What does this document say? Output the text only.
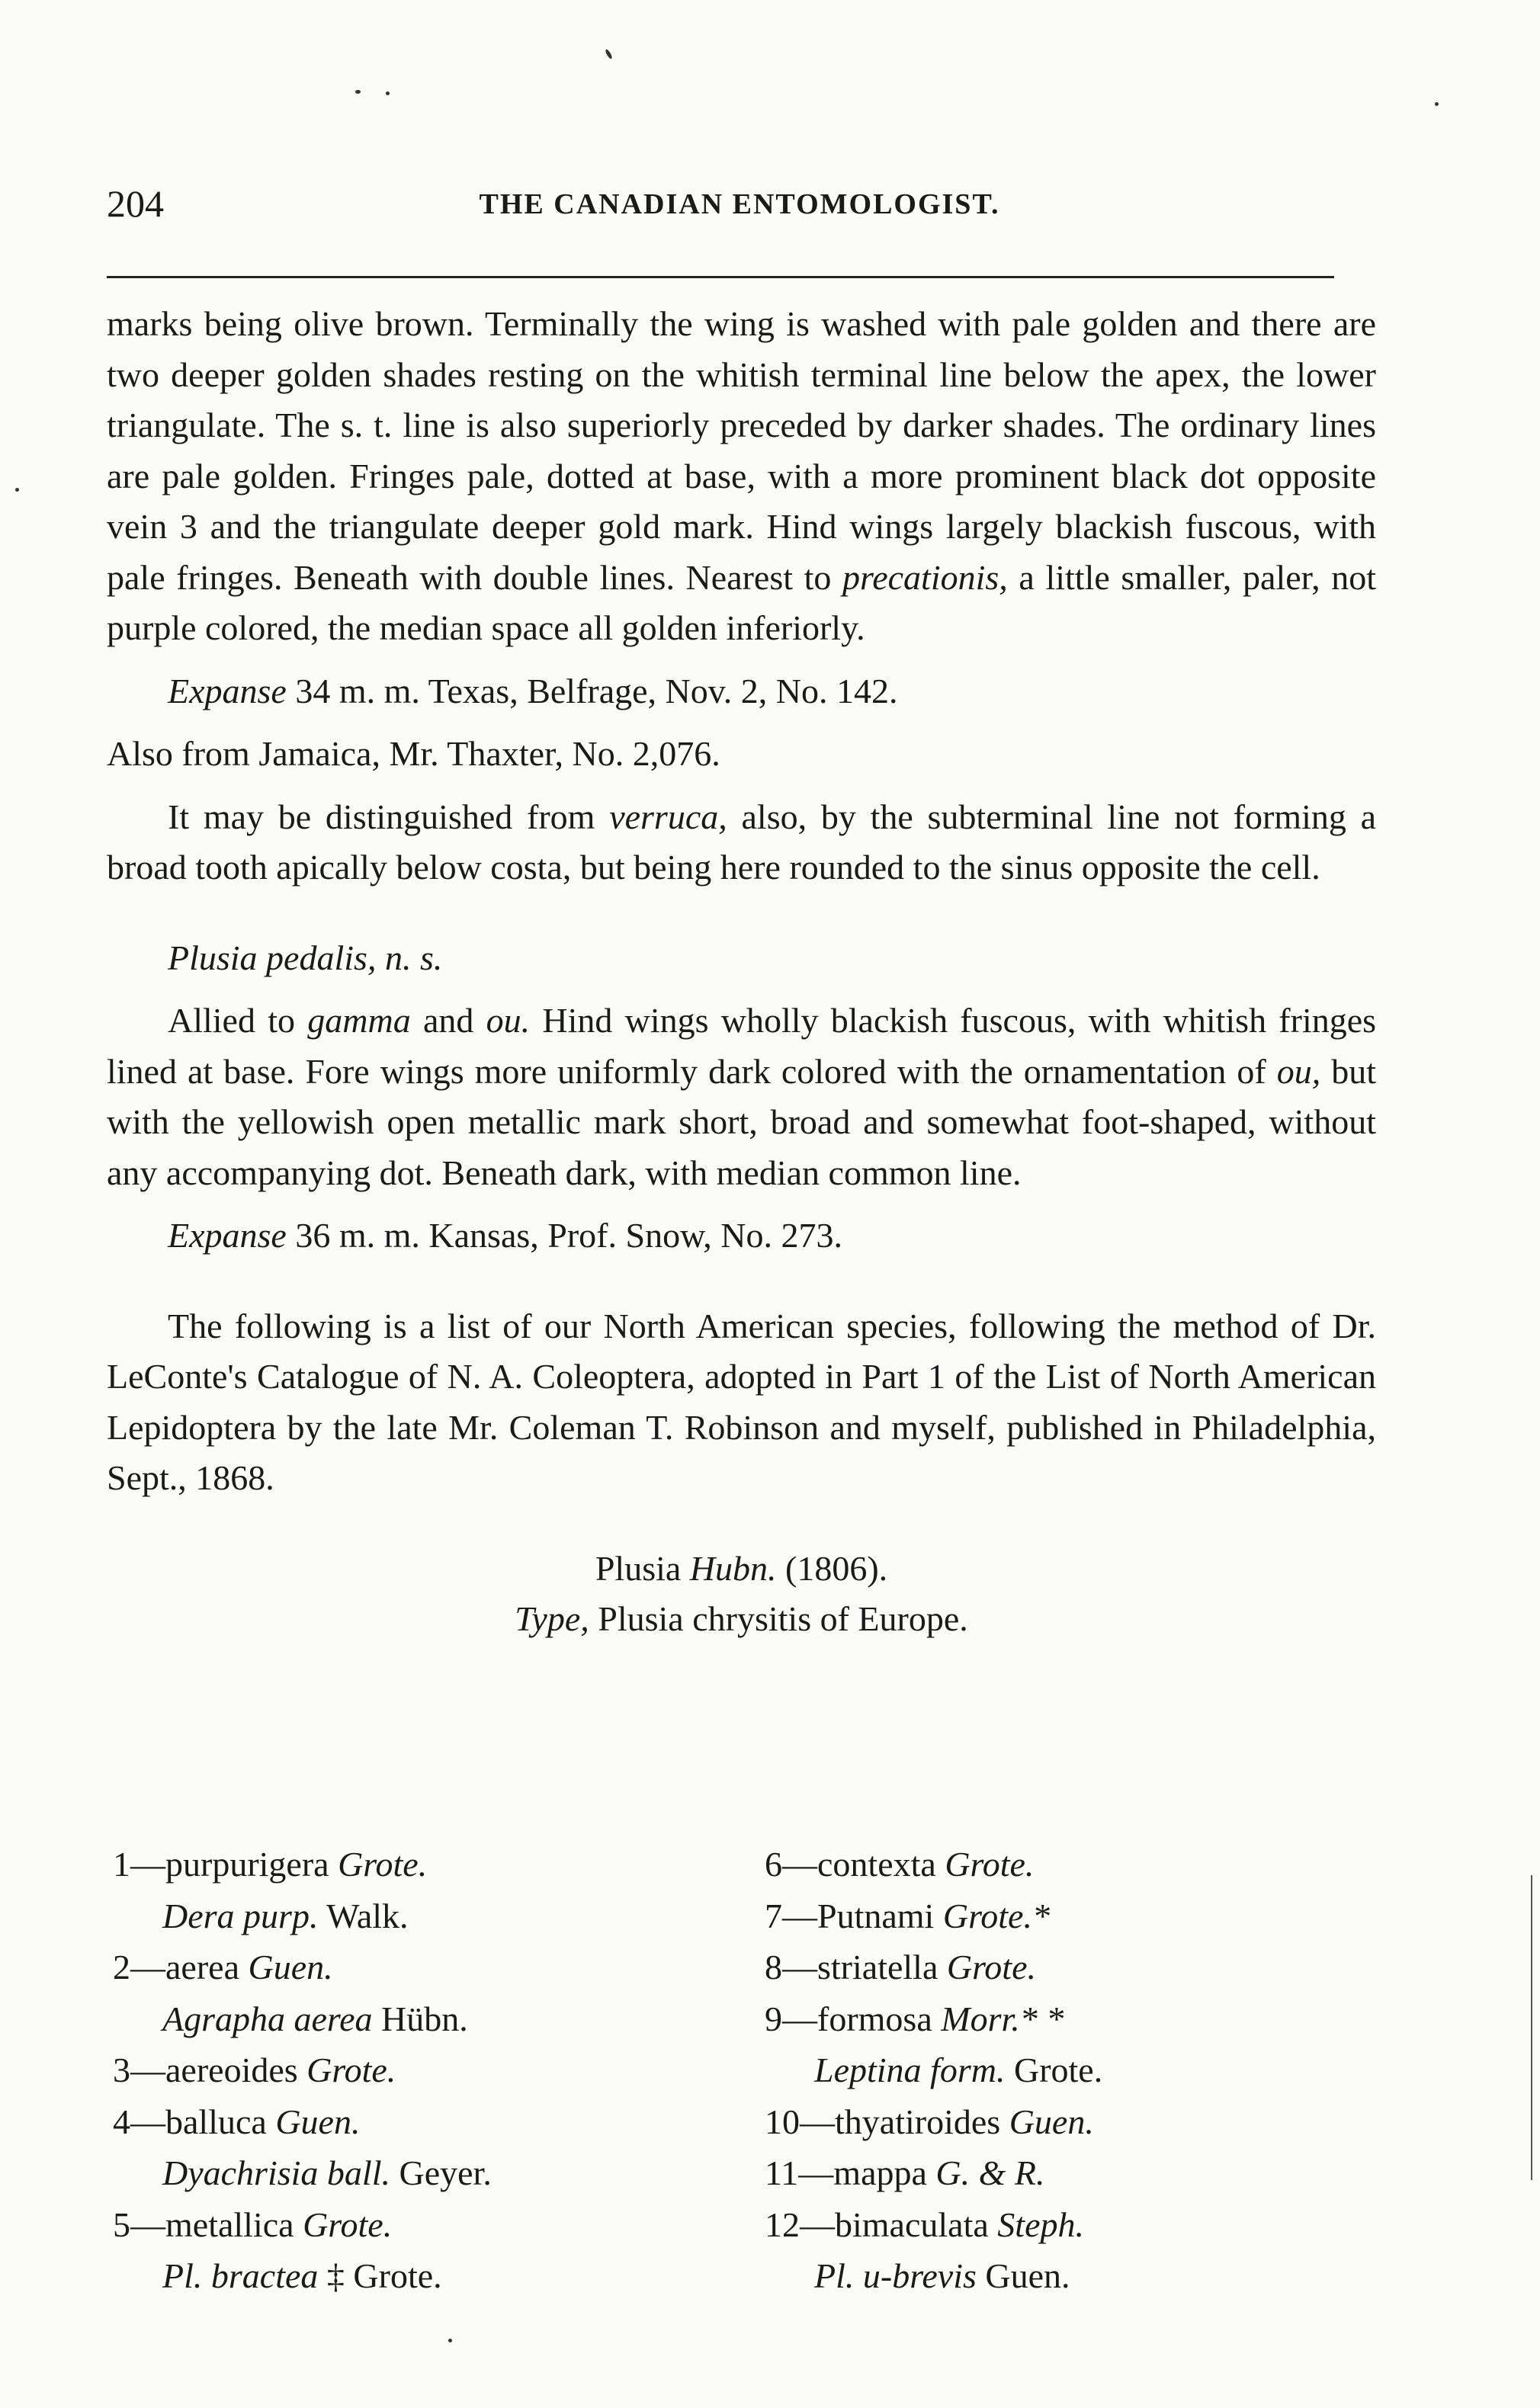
204	THE CANADIAN ENTOMOLOGIST.

marks being olive brown. Terminally the wing is washed with pale golden and there are two deeper golden shades resting on the whitish terminal line below the apex, the lower triangulate. The s. t. line is also superiorly preceded by darker shades. The ordinary lines are pale golden. Fringes pale, dotted at base, with a more prominent black dot opposite vein 3 and the triangulate deeper gold mark. Hind wings largely blackish fuscous, with pale fringes. Beneath with double lines. Nearest to precationis, a little smaller, paler, not purple colored, the median space all golden inferiorly.

Expanse 34 m. m. Texas, Belfrage, Nov. 2, No. 142.

Also from Jamaica, Mr. Thaxter, No. 2,076.

It may be distinguished from verruca, also, by the subterminal line not forming a broad tooth apically below costa, but being here rounded to the sinus opposite the cell.

Plusia pedalis, n. s.

Allied to gamma and ou. Hind wings wholly blackish fuscous, with whitish fringes lined at base. Fore wings more uniformly dark colored with the ornamentation of ou, but with the yellowish open metallic mark short, broad and somewhat foot-shaped, without any accompanying dot. Beneath dark, with median common line.

Expanse 36 m. m. Kansas, Prof. Snow, No. 273.

The following is a list of our North American species, following the method of Dr. LeConte's Catalogue of N. A. Coleoptera, adopted in Part 1 of the List of North American Lepidoptera by the late Mr. Coleman T. Robinson and myself, published in Philadelphia, Sept., 1868.

Plusia Hubn. (1806).

Type, Plusia chrysitis of Europe.

1—purpurigera Grote.
Dera purp. Walk.
2—aerea Guen.
Agrapha aerea Hübn.
3—aereoides Grote.
4—balluca Guen.
Dyachrisia ball. Geyer.
5—metallica Grote.
Pl. bractea ‡ Grote.
6—contexta Grote.
7—Putnami Grote.*
8—striatella Grote.
9—formosa Morr.* *
Leptina form. Grote.
10—thyatiroides Guen.
11—mappa G. & R.
12—bimaculata Steph.
Pl. u-brevis Guen.
